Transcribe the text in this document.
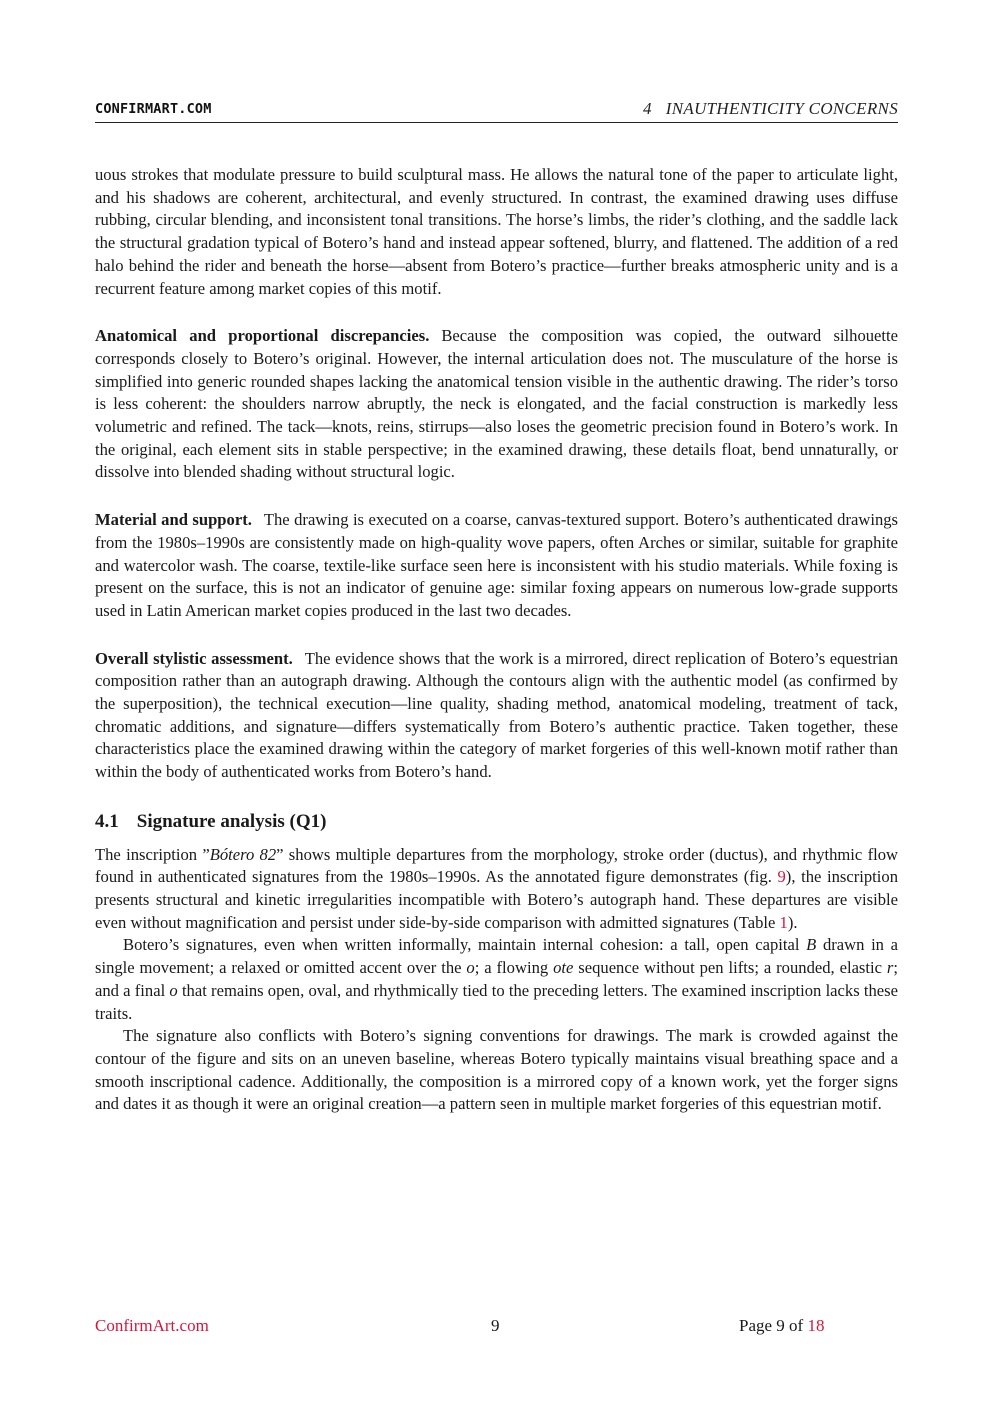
CONFIRMART.COM	4 INAUTHENTICITY CONCERNS

uous strokes that modulate pressure to build sculptural mass. He allows the natural tone of the paper to articulate light, and his shadows are coherent, architectural, and evenly structured. In contrast, the examined drawing uses diffuse rubbing, circular blending, and inconsistent tonal transitions. The horse’s limbs, the rider’s clothing, and the saddle lack the structural gradation typical of Botero’s hand and instead appear softened, blurry, and flattened. The addition of a red halo behind the rider and beneath the horse—absent from Botero’s practice—further breaks atmospheric unity and is a recurrent feature among market copies of this motif.

Anatomical and proportional discrepancies. Because the composition was copied, the outward silhouette corresponds closely to Botero’s original. However, the internal articulation does not. The musculature of the horse is simplified into generic rounded shapes lacking the anatomical tension visible in the authentic drawing. The rider’s torso is less coherent: the shoulders narrow abruptly, the neck is elongated, and the facial construction is markedly less volumetric and refined. The tack—knots, reins, stirrups—also loses the geometric precision found in Botero’s work. In the original, each element sits in stable perspective; in the examined drawing, these details float, bend unnaturally, or dissolve into blended shading without structural logic.

Material and support. The drawing is executed on a coarse, canvas-textured support. Botero’s authenticated drawings from the 1980s–1990s are consistently made on high-quality wove papers, often Arches or similar, suitable for graphite and watercolor wash. The coarse, textile-like surface seen here is inconsistent with his studio materials. While foxing is present on the surface, this is not an indicator of genuine age: similar foxing appears on numerous low-grade supports used in Latin American market copies produced in the last two decades.

Overall stylistic assessment. The evidence shows that the work is a mirrored, direct replication of Botero’s equestrian composition rather than an autograph drawing. Although the contours align with the authentic model (as confirmed by the superposition), the technical execution—line quality, shading method, anatomical modeling, treatment of tack, chromatic additions, and signature—differs systematically from Botero’s authentic practice. Taken together, these characteristics place the examined drawing within the category of market forgeries of this well-known motif rather than within the body of authenticated works from Botero’s hand.

4.1 Signature analysis (Q1)

The inscription ”Bótero 82” shows multiple departures from the morphology, stroke order (ductus), and rhythmic flow found in authenticated signatures from the 1980s–1990s. As the annotated figure demonstrates (fig. 9), the inscription presents structural and kinetic irregularities incompatible with Botero’s autograph hand. These departures are visible even without magnification and persist under side-by-side comparison with admitted signatures (Table 1).

Botero’s signatures, even when written informally, maintain internal cohesion: a tall, open capital B drawn in a single movement; a relaxed or omitted accent over the o; a flowing ote sequence without pen lifts; a rounded, elastic r; and a final o that remains open, oval, and rhythmically tied to the preceding letters. The examined inscription lacks these traits.

The signature also conflicts with Botero’s signing conventions for drawings. The mark is crowded against the contour of the figure and sits on an uneven baseline, whereas Botero typically maintains visual breathing space and a smooth inscriptional cadence. Additionally, the composition is a mirrored copy of a known work, yet the forger signs and dates it as though it were an original creation—a pattern seen in multiple market forgeries of this equestrian motif.

ConfirmArt.com	9	Page 9 of 18
